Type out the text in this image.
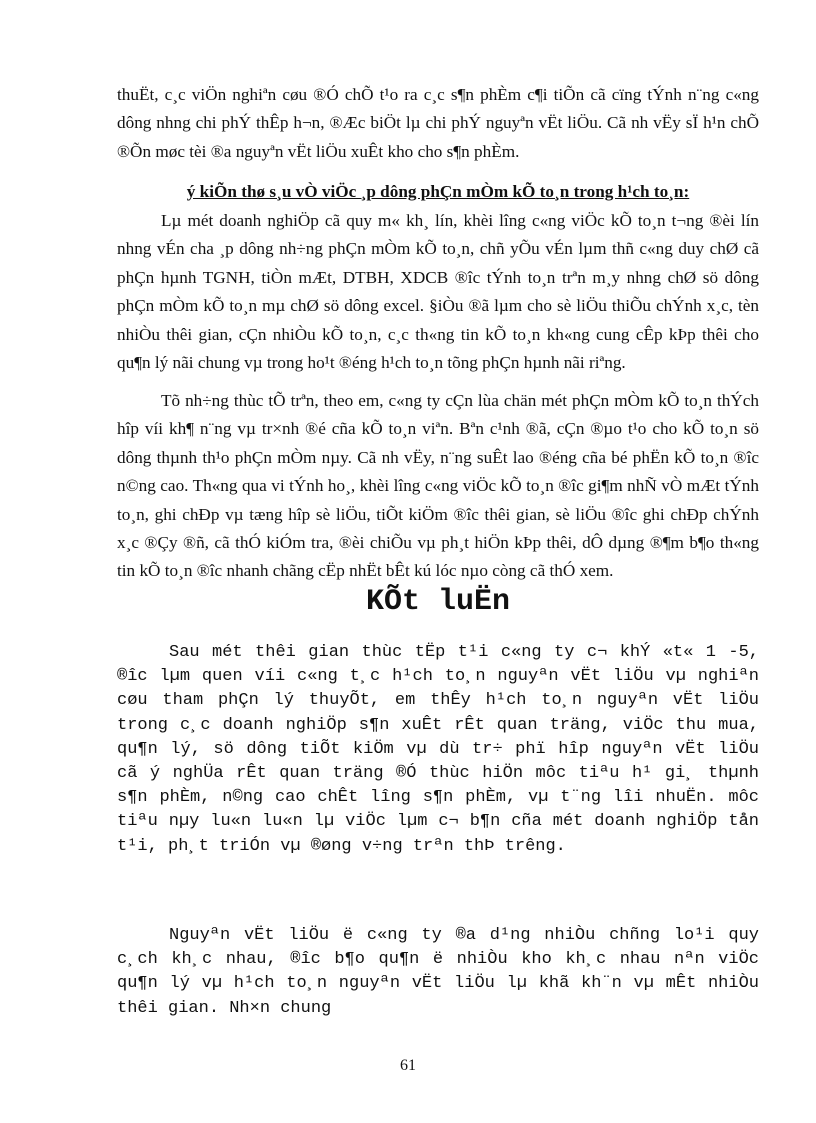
thuËt, c¸c viÖn nghiªn cøu ®Ó chÕ t¹o ra c¸c s¶n phÈm c¶i tiÕn cã cïng tÝnh n¨ng c«ng dông nhng chi phÝ thÊp h¬n, ®Æc biÖt lµ chi phÝ nguyªn vËt liÖu. Cã nh vËy sÏ h¹n chÕ ®Õn møc tèi ®a nguyªn vËt liÖu xuÊt kho cho s¶n phÈm.

ý kiÕn thø s¸u vÒ viÖc ¸p dông phÇn mÒm kÕ to¸n trong h¹ch to¸n:

Lµ mét doanh nghiÖp cã quy m« kh¸ lín, khèi lîng c«ng viÖc kÕ to¸n t¬ng ®èi lín nhng vÉn cha ¸p dông nh÷ng phÇn mÒm kÕ to¸n, chñ yÕu vÉn lµm thñ c«ng duy chØ cã phÇn hµnh TGNH, tiÒn mÆt, DTBH, XDCB ®îc tÝnh to¸n trªn m¸y nhng chØ sö dông phÇn mÒm kÕ to¸n mµ chØ sö dông excel. §iÒu ®ã lµm cho sè liÖu thiÕu chÝnh x¸c, tèn nhiÒu thêi gian, cÇn nhiÒu kÕ to¸n, c¸c th«ng tin kÕ to¸n kh«ng cung cÊp kÞp thêi cho qu¶n lý nãi chung vµ trong ho¹t ®éng h¹ch to¸n tõng phÇn hµnh nãi riªng.

Tõ nh÷ng thùc tÕ trªn, theo em, c«ng ty cÇn lùa chän mét phÇn mÒm kÕ to¸n thÝch hîp víi kh¶ n¨ng vµ tr×nh ®é cña kÕ to¸n viªn. Bªn c¹nh ®ã, cÇn ®µo t¹o cho kÕ to¸n sö dông thµnh th¹o phÇn mÒm nµy. Cã nh vËy, n¨ng suÊt lao ®éng cña bé phËn kÕ to¸n ®îc n©ng cao. Th«ng qua vi tÝnh ho¸, khèi lîng c«ng viÖc kÕ to¸n ®îc gi¶m nhÑ vÒ mÆt tÝnh to¸n, ghi chÐp vµ tæng hîp sè liÖu, tiÕt kiÖm ®îc thêi gian, sè liÖu ®îc ghi chÐp chÝnh x¸c ®Çy ®ñ, cã thÓ kiÓm tra, ®èi chiÕu vµ ph¸t hiÖn kÞp thêi, dÔ dµng ®¶m b¶o th«ng tin kÕ to¸n ®îc nhanh chãng cËp nhËt bÊt kú lóc nµo còng cã thÓ xem.

KÕt luËn

Sau mét thêi gian thùc tËp t¹i c«ng ty c¬ khÝ «t« 1 -5, ®îc lµm quen víi c«ng t¸c h¹ch to¸n nguyªn vËt liÖu vµ nghiªn cøu tham phÇn lý thuyÕt, em thÊy h¹ch to¸n nguyªn vËt liÖu trong c¸c doanh nghiÖp s¶n xuÊt rÊt quan träng, viÖc thu mua, qu¶n lý, sö dông tiÕt kiÖm vµ dù tr÷ phï hîp nguyªn vËt liÖu cã ý nghÜa rÊt quan träng ®Ó thùc hiÖn môc tiªu h¹ gi¸ thµnh s¶n phÈm, n©ng cao chÊt lîng s¶n phÈm, vµ t¨ng lîi nhuËn. môc tiªu nµy lu«n lu«n lµ viÖc lµm c¬ b¶n cña mét doanh nghiÖp tån t¹i, ph¸t triÓn vµ ®øng v÷ng trªn thÞ trêng.

Nguyªn vËt liÖu ë c«ng ty ®a d¹ng nhiÒu chñng lo¹i quy c¸ch kh¸c nhau, ®îc b¶o qu¶n ë nhiÒu kho kh¸c nhau nªn viÖc qu¶n lý vµ h¹ch to¸n nguyªn vËt liÖu lµ khã kh¨n vµ mÊt nhiÒu thêi gian. Nh×n chung

61
